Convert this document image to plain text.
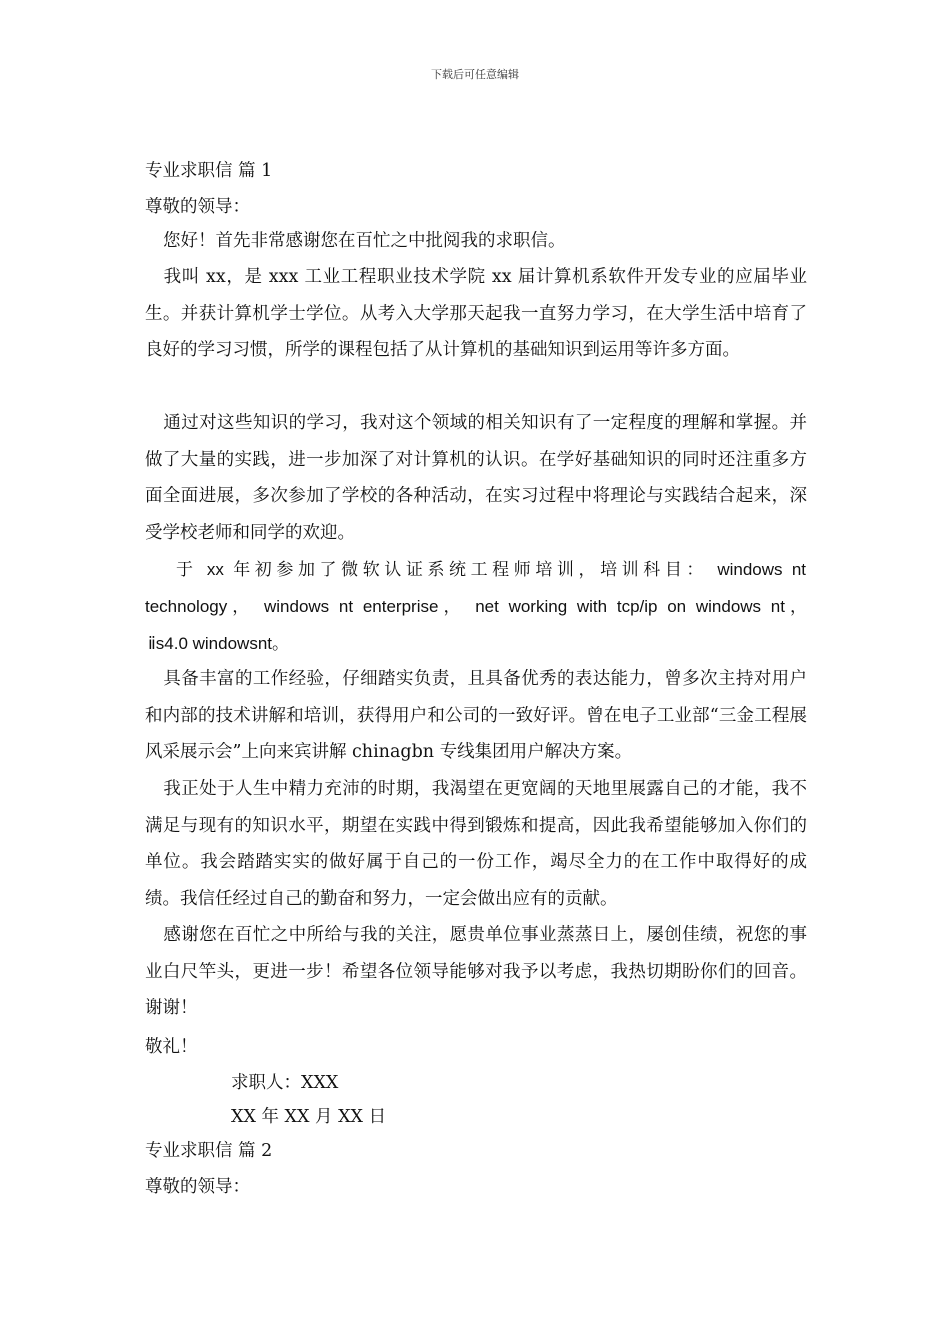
下载后可任意编辑
专业求职信 篇 1
尊敬的领导：
您好！首先非常感谢您在百忙之中批阅我的求职信。
我叫 xx，是 xxx 工业工程职业技术学院 xx 届计算机系软件开发专业的应届毕业生。并获计算机学士学位。从考入大学那天起我一直努力学习，在大学生活中培育了良好的学习习惯，所学的课程包括了从计算机的基础知识到运用等许多方面。
通过对这些知识的学习，我对这个领域的相关知识有了一定程度的理解和掌握。并做了大量的实践，进一步加深了对计算机的认识。在学好基础知识的同时还注重多方面全面进展，多次参加了学校的各种活动，在实习过程中将理论与实践结合起来，深受学校老师和同学的欢迎。
于 xx 年初参加了微软认证系统工程师培训，培训科目： windows nt
technology， windows nt enterprise， net working with tcp/ip on windows nt，
ⅱs4.0 windowsnt。
具备丰富的工作经验，仔细踏实负责，且具备优秀的表达能力，曾多次主持对用户和内部的技术讲解和培训，获得用户和公司的一致好评。曾在电子工业部“三金工程展风采展示会”上向来宾讲解 chinagbn 专线集团用户解决方案。
我正处于人生中精力充沛的时期，我渴望在更宽阔的天地里展露自己的才能，我不满足与现有的知识水平，期望在实践中得到锻炼和提高，因此我希望能够加入你们的单位。我会踏踏实实的做好属于自己的一份工作，竭尽全力的在工作中取得好的成绩。我信任经过自己的勤奋和努力，一定会做出应有的贡献。
感谢您在百忙之中所给与我的关注，愿贵单位事业蒸蒸日上，屡创佳绩，祝您的事业白尺竿头，更进一步！希望各位领导能够对我予以考虑，我热切期盼你们的回音。谢谢！
敬礼！
求职人：XXX
XX 年 XX 月 XX 日
专业求职信 篇 2
尊敬的领导：
